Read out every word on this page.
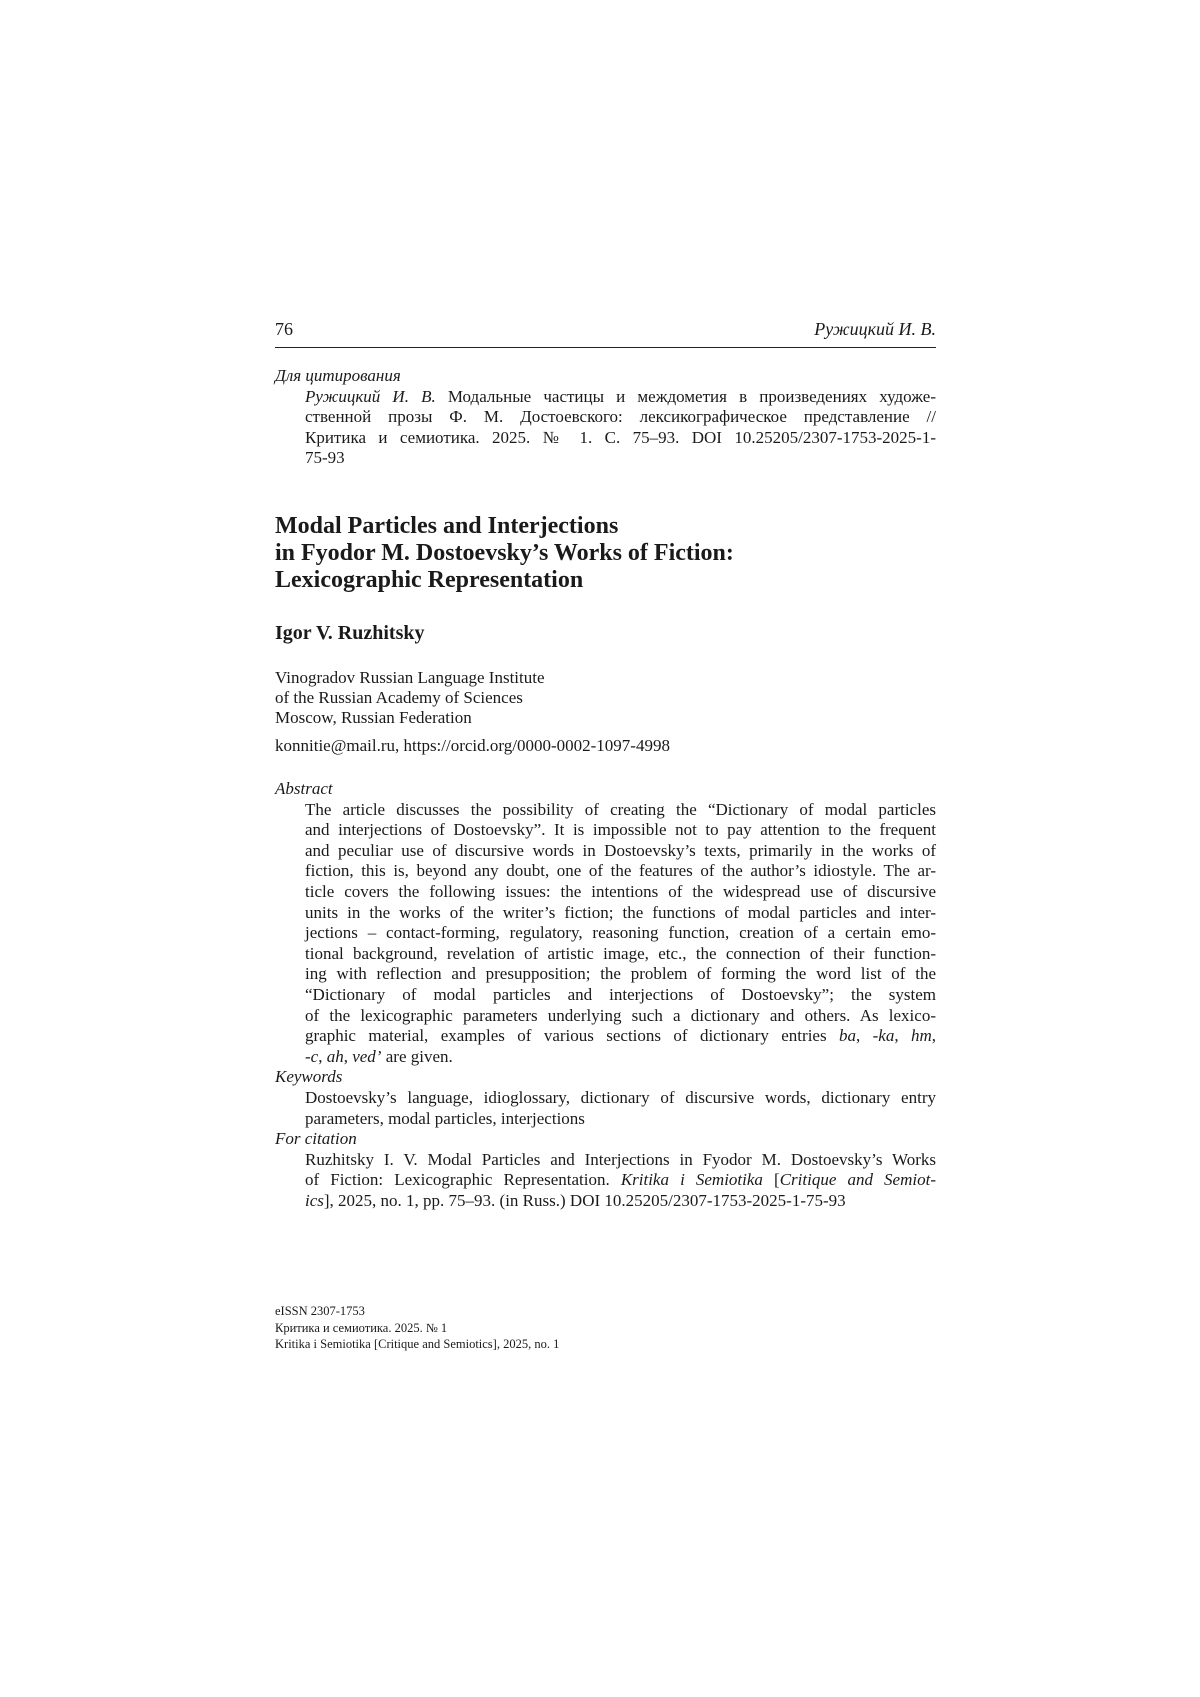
76	Ружицкий И. В.
Для цитирования
Ружицкий И. В. Модальные частицы и междометия в произведениях художе-
ственной прозы Ф. М. Достоевского: лексикографическое представление //
Критика и семиотика. 2025. № 1. С. 75–93. DOI 10.25205/2307-1753-2025-1-
75-93
Modal Particles and Interjections
in Fyodor M. Dostoevsky’s Works of Fiction:
Lexicographic Representation
Igor V. Ruzhitsky
Vinogradov Russian Language Institute
of the Russian Academy of Sciences
Moscow, Russian Federation
konnitie@mail.ru, https://orcid.org/0000-0002-1097-4998
Abstract
The article discusses the possibility of creating the “Dictionary of modal particles
and interjections of Dostoevsky”. It is impossible not to pay attention to the frequent
and peculiar use of discursive words in Dostoevsky’s texts, primarily in the works of
fiction, this is, beyond any doubt, one of the features of the author’s idiostyle. The ar-
ticle covers the following issues: the intentions of the widespread use of discursive
units in the works of the writer’s fiction; the functions of modal particles and inter-
jections – contact-forming, regulatory, reasoning function, creation of a certain emo-
tional background, revelation of artistic image, etc., the connection of their function-
ing with reflection and presupposition; the problem of forming the word list of the
“Dictionary of modal particles and interjections of Dostoevsky”; the system
of the lexicographic parameters underlying such a dictionary and others. As lexico-
graphic material, examples of various sections of dictionary entries ba, -ka, hm,
-c, ah, ved’ are given.
Keywords
Dostoevsky’s language, idioglossary, dictionary of discursive words, dictionary entry
parameters, modal particles, interjections
For citation
Ruzhitsky I. V. Modal Particles and Interjections in Fyodor M. Dostoevsky’s Works
of Fiction: Lexicographic Representation. Kritika i Semiotika [Critique and Semiot-
ics], 2025, no. 1, pp. 75–93. (in Russ.) DOI 10.25205/2307-1753-2025-1-75-93
eISSN 2307-1753
Критика и семиотика. 2025. № 1
Kritika i Semiotika [Critique and Semiotics], 2025, no. 1
